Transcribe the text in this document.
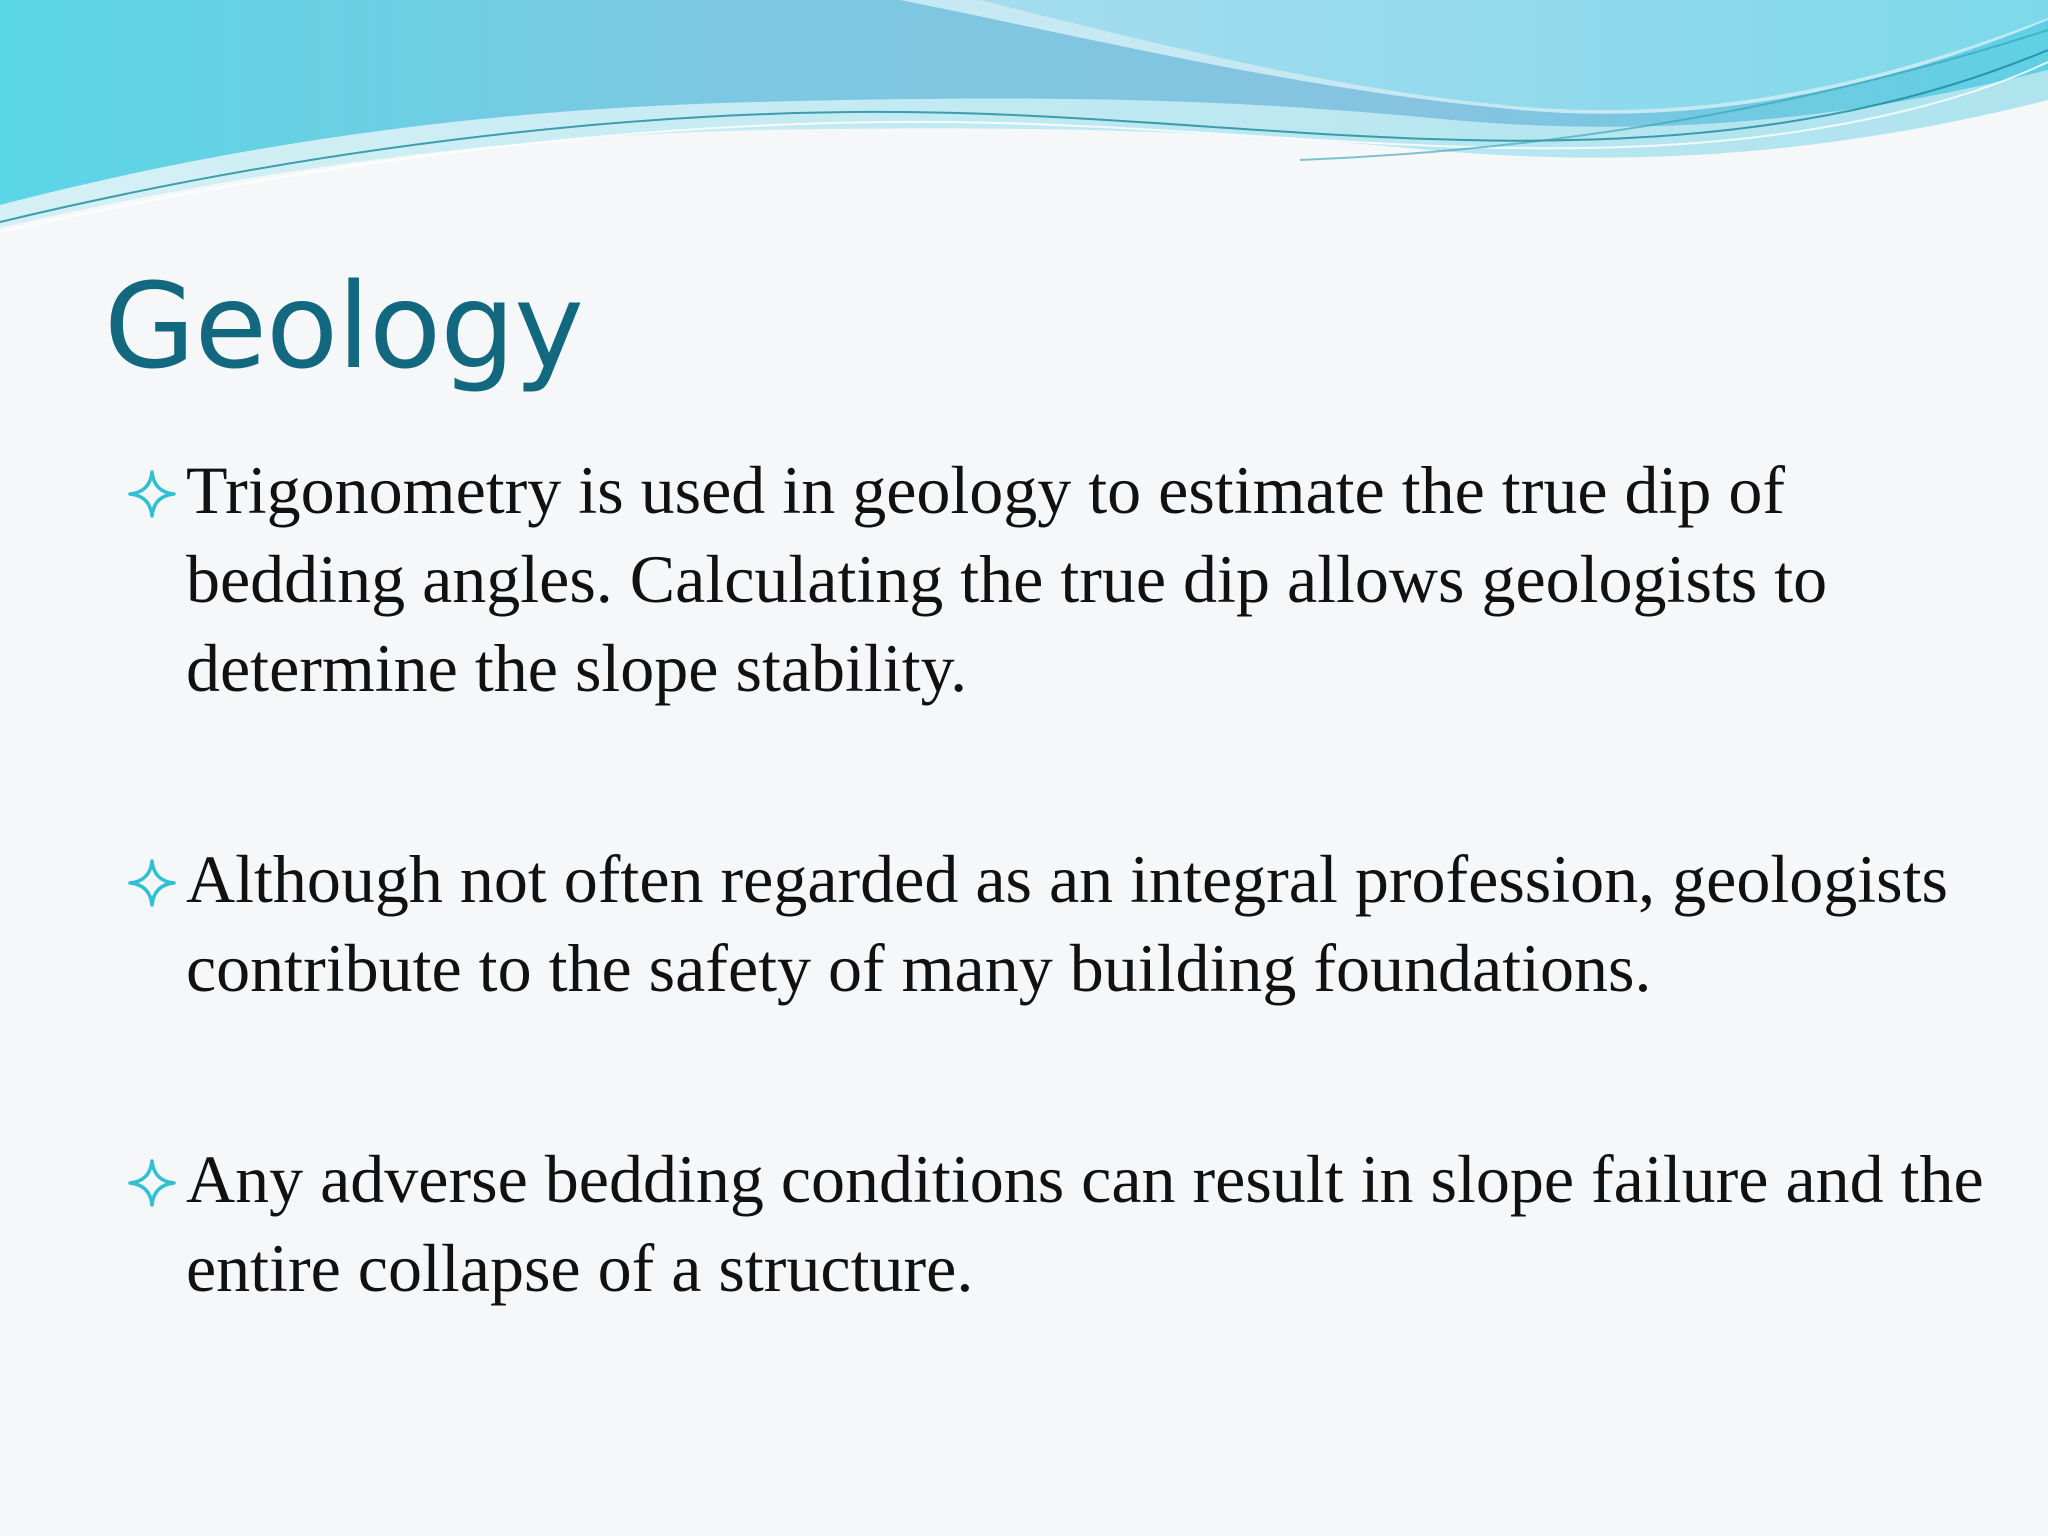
Geology
Trigonometry is used in geology to estimate the true dip of bedding angles. Calculating the true dip allows geologists to determine the slope stability.
Although not often regarded as an integral profession, geologists contribute to the safety of many building foundations.
Any adverse bedding conditions can result in slope failure and the entire collapse of a structure.
